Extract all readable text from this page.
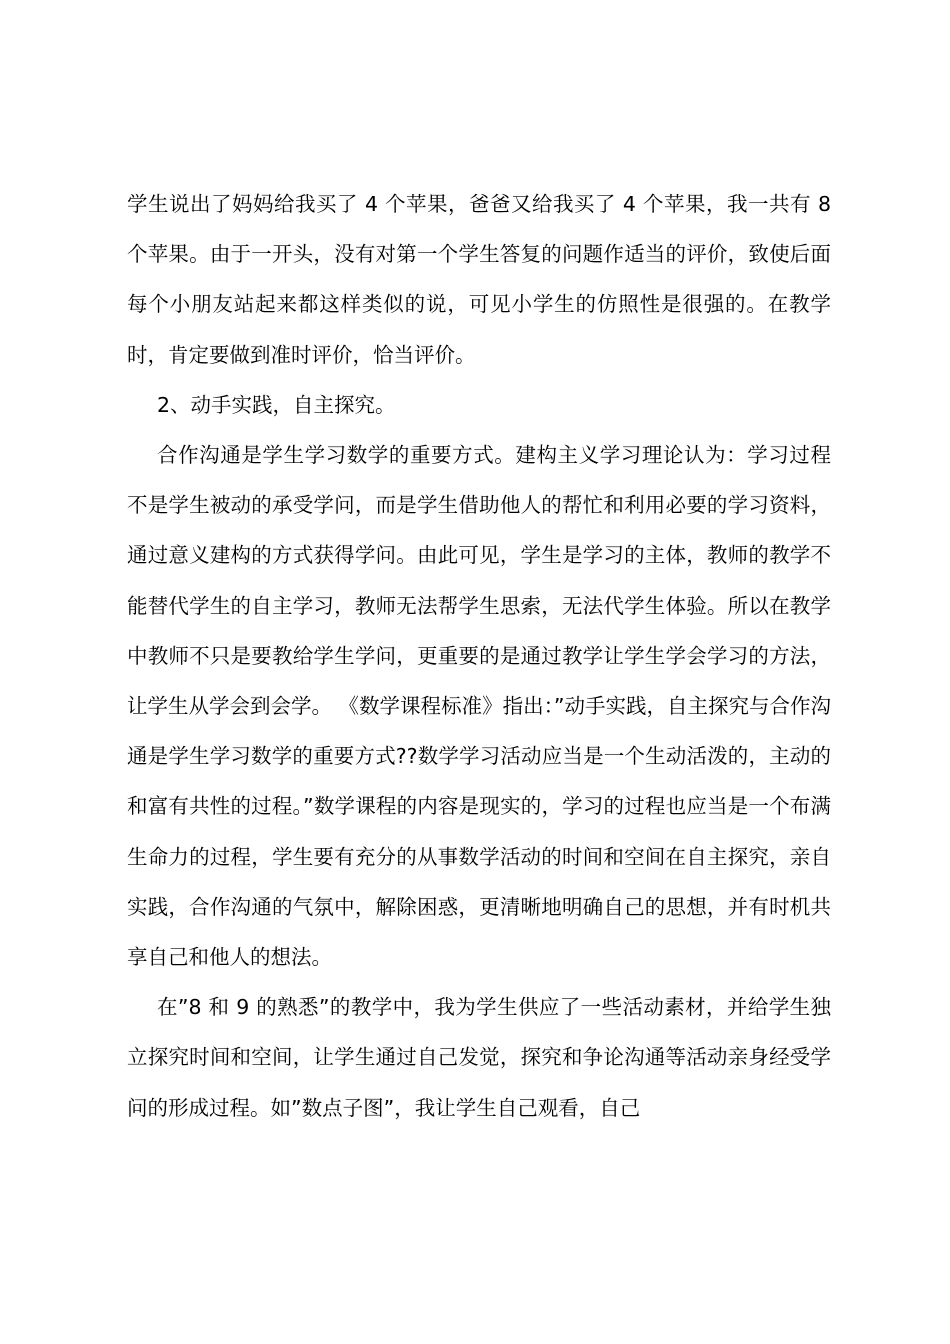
学生说出了妈妈给我买了 4 个苹果，爸爸又给我买了 4 个苹果，我一共有 8 个苹果。由于一开头，没有对第一个学生答复的问题作适当的评价，致使后面每个小朋友站起来都这样类似的说，可见小学生的仿照性是很强的。在教学时，肯定要做到准时评价，恰当评价。

2、动手实践，自主探究。

合作沟通是学生学习数学的重要方式。建构主义学习理论认为：学习过程不是学生被动的承受学问，而是学生借助他人的帮忙和利用必要的学习资料，通过意义建构的方式获得学问。由此可见，学生是学习的主体，教师的教学不能替代学生的自主学习，教师无法帮学生思索，无法代学生体验。所以在教学中教师不只是要教给学生学问，更重要的是通过教学让学生学会学习的方法，让学生从学会到会学。 《数学课程标准》指出：”动手实践，自主探究与合作沟通是学生学习数学的重要方式??数学学习活动应当是一个生动活泼的，主动的和富有共性的过程。”数学课程的内容是现实的，学习的过程也应当是一个布满生命力的过程，学生要有充分的从事数学活动的时间和空间在自主探究，亲自实践，合作沟通的气氛中，解除困惑，更清晰地明确自己的思想，并有时机共享自己和他人的想法。

在”8 和 9 的熟悉”的教学中，我为学生供应了一些活动素材，并给学生独立探究时间和空间，让学生通过自己发觉，探究和争论沟通等活动亲身经受学问的形成过程。如”数点子图”，我让学生自己观看，自己
